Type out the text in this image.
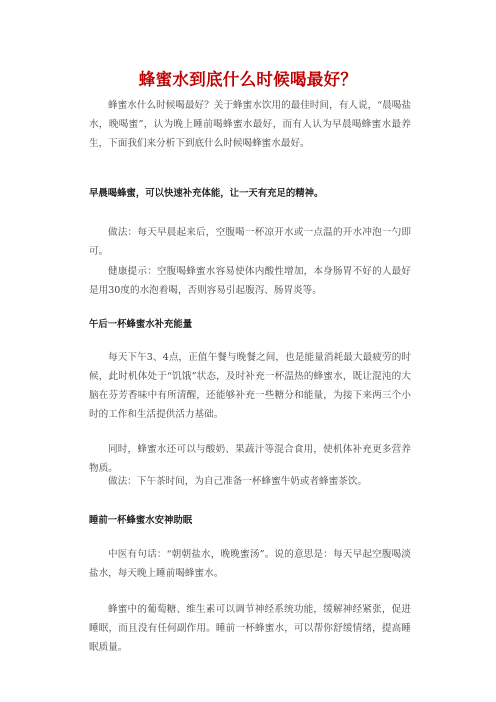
蜂蜜水到底什么时候喝最好？
蜂蜜水什么时候喝最好？关于蜂蜜水饮用的最佳时间，有人说，“晨喝盐水，晚喝蜜”，认为晚上睡前喝蜂蜜水最好，而有人认为早晨喝蜂蜜水最养生，下面我们来分析下到底什么时候喝蜂蜜水最好。
早晨喝蜂蜜，可以快速补充体能，让一天有充足的精神。
做法：每天早晨起来后，空腹喝一杯凉开水或一点温的开水冲泡一勺即可。
健康提示：空腹喝蜂蜜水容易使体内酸性增加，本身肠胃不好的人最好是用30度的水泡着喝，否则容易引起腹泻、肠胃炎等。
午后一杯蜂蜜水补充能量
每天下午3、4点，正值午餐与晚餐之间，也是能量消耗最大最疲劳的时候，此时机体处于“饥饿”状态，及时补充一杯温热的蜂蜜水，既让混沌的大脑在芬芳香味中有所清醒，还能够补充一些糖分和能量，为接下来两三个小时的工作和生活提供活力基础。
同时，蜂蜜水还可以与酸奶、果蔬汁等混合食用，使机体补充更多营养物质。
做法：下午茶时间，为自己准备一杯蜂蜜牛奶或者蜂蜜茶饮。
睡前一杯蜂蜜水安神助眠
中医有句话：“朝朝盐水，晚晚蜜汤”。说的意思是：每天早起空腹喝淡盐水，每天晚上睡前喝蜂蜜水。
蜂蜜中的葡萄糖、维生素可以调节神经系统功能，缓解神经紧张，促进睡眠，而且没有任何副作用。睡前一杯蜂蜜水，可以帮你舒缓情绪，提高睡眠质量。
